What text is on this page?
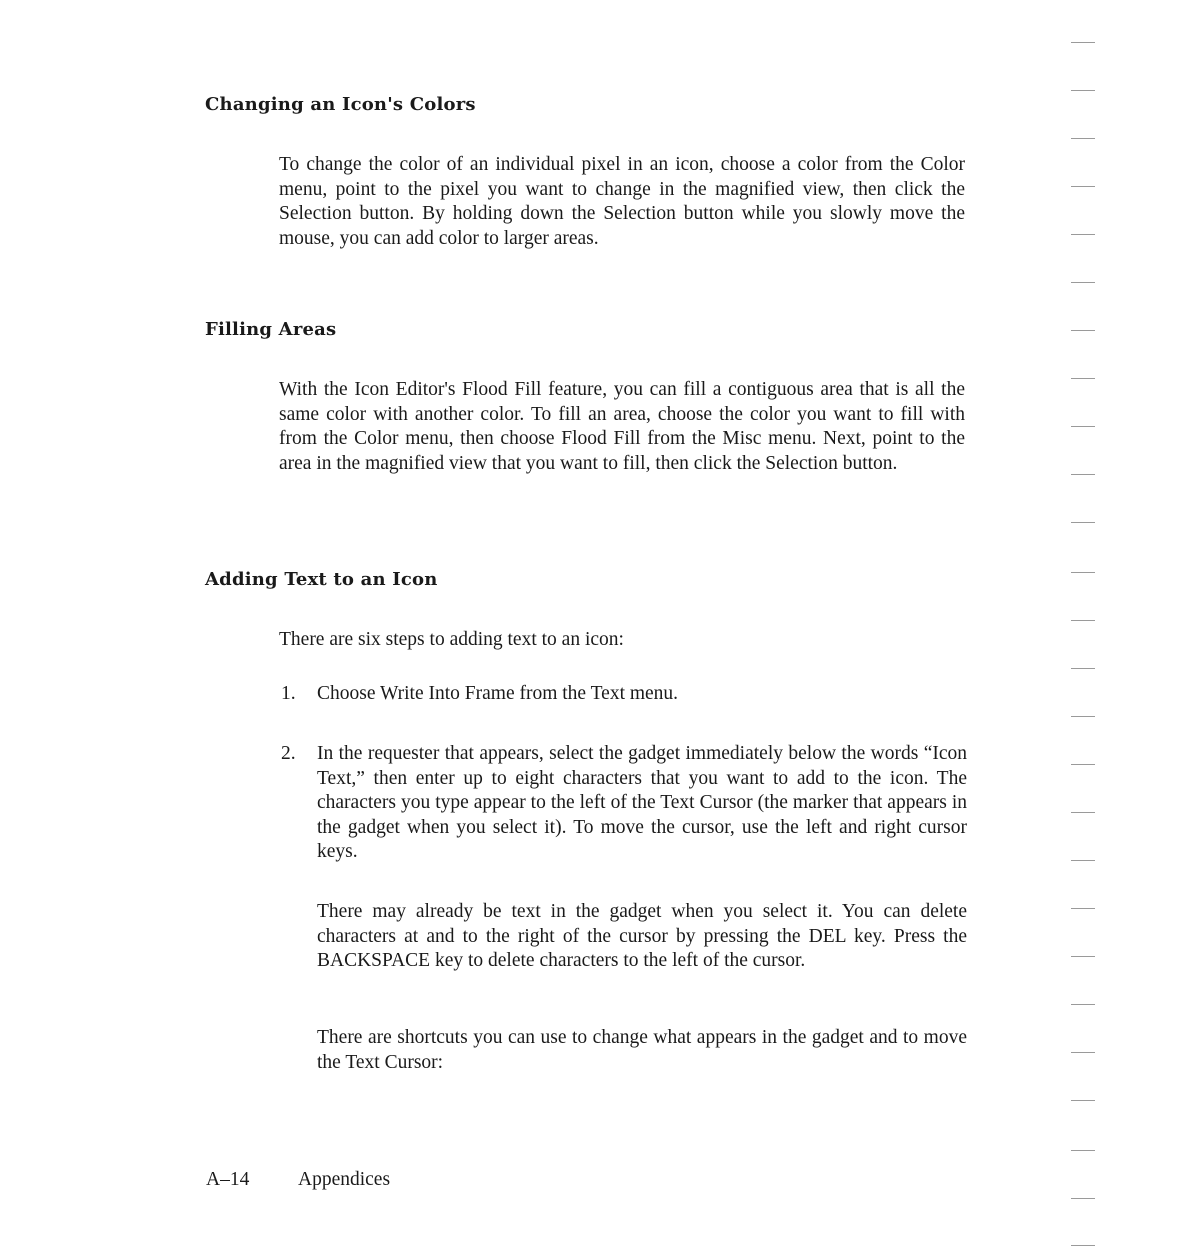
Changing an Icon's Colors

To change the color of an individual pixel in an icon, choose a color from the Color menu, point to the pixel you want to change in the magnified view, then click the Selection button. By holding down the Selection button while you slowly move the mouse, you can add color to larger areas.

Filling Areas

With the Icon Editor's Flood Fill feature, you can fill a contiguous area that is all the same color with another color. To fill an area, choose the color you want to fill with from the Color menu, then choose Flood Fill from the Misc menu. Next, point to the area in the magnified view that you want to fill, then click the Selection button.

Adding Text to an Icon

There are six steps to adding text to an icon:

1. Choose Write Into Frame from the Text menu.

2. In the requester that appears, select the gadget immediately below the words “Icon Text,” then enter up to eight characters that you want to add to the icon. The characters you type appear to the left of the Text Cursor (the marker that appears in the gadget when you select it). To move the cursor, use the left and right cursor keys.

There may already be text in the gadget when you select it. You can delete characters at and to the right of the cursor by pressing the DEL key. Press the BACKSPACE key to delete characters to the left of the cursor.

There are shortcuts you can use to change what appears in the gadget and to move the Text Cursor:

A–14 Appendices
